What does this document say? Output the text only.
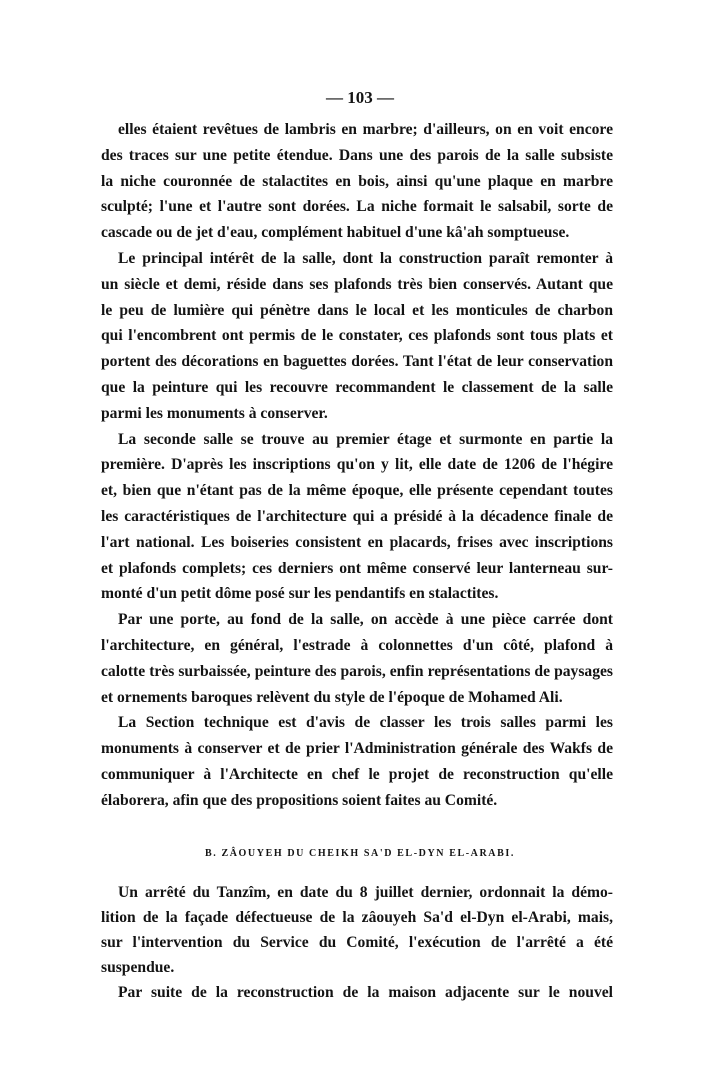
— 103 —
elles étaient revêtues de lambris en marbre; d'ailleurs, on en voit encore
des traces sur une petite étendue. Dans une des parois de la salle subsiste
la niche couronnée de stalactites en bois, ainsi qu'une plaque en marbre
sculpté; l'une et l'autre sont dorées. La niche formait le salsabil, sorte de
cascade ou de jet d'eau, complément habituel d'une kâ'ah somptueuse.
Le principal intérêt de la salle, dont la construction paraît remonter à
un siècle et demi, réside dans ses plafonds très bien conservés. Autant que
le peu de lumière qui pénètre dans le local et les monticules de charbon
qui l'encombrent ont permis de le constater, ces plafonds sont tous plats et
portent des décorations en baguettes dorées. Tant l'état de leur conservation
que la peinture qui les recouvre recommandent le classement de la salle
parmi les monuments à conserver.
La seconde salle se trouve au premier étage et surmonte en partie la
première. D'après les inscriptions qu'on y lit, elle date de 1206 de l'hégire
et, bien que n'étant pas de la même époque, elle présente cependant toutes
les caractéristiques de l'architecture qui a présidé à la décadence finale de
l'art national. Les boiseries consistent en placards, frises avec inscriptions
et plafonds complets; ces derniers ont même conservé leur lanterneau sur-
monté d'un petit dôme posé sur les pendantifs en stalactites.
Par une porte, au fond de la salle, on accède à une pièce carrée dont
l'architecture, en général, l'estrade à colonnettes d'un côté, plafond à
calotte très surbaissée, peinture des parois, enfin représentations de paysages
et ornements baroques relèvent du style de l'époque de Mohamed Ali.
La Section technique est d'avis de classer les trois salles parmi les
monuments à conserver et de prier l'Administration générale des Wakfs de
communiquer à l'Architecte en chef le projet de reconstruction qu'elle
élaborera, afin que des propositions soient faites au Comité.
B. ZÂOUYEH DU CHEIKH SA'D EL-DYN EL-ARABI.
Un arrêté du Tanzîm, en date du 8 juillet dernier, ordonnait la démo-
lition de la façade défectueuse de la zâouyeh Sa'd el-Dyn el-Arabi, mais,
sur l'intervention du Service du Comité, l'exécution de l'arrêté a été
suspendue.
Par suite de la reconstruction de la maison adjacente sur le nouvel
